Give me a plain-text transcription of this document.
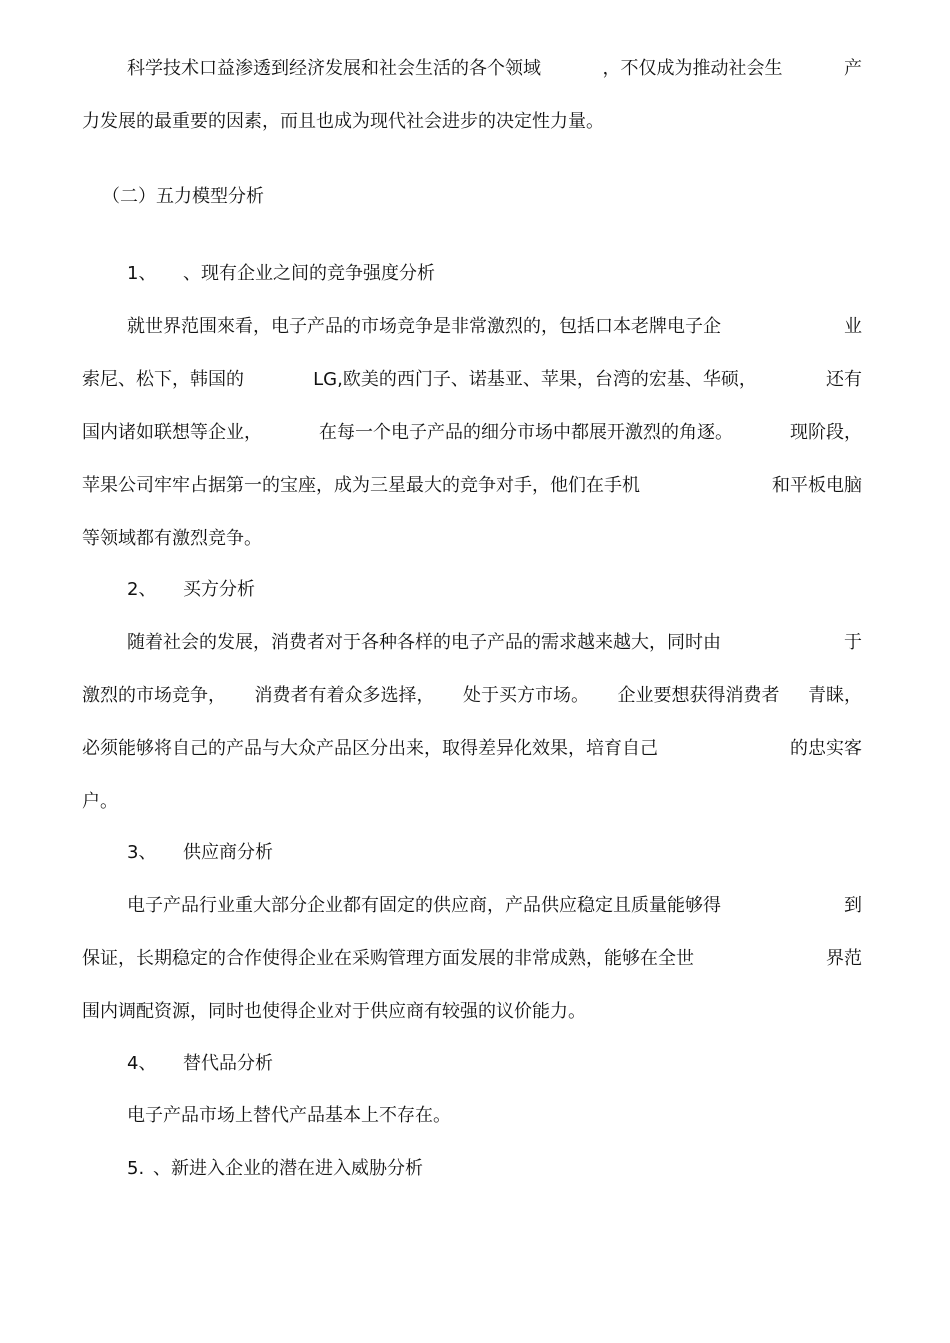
科学技术口益渗透到经济发展和社会生活的各个领域	，不仅成为推动社会生	产
力发展的最重要的因素，而且也成为现代社会进步的决定性力量。
（二）五力模型分析
1、	、现有企业之间的竞争强度分析
就世界范围來看，电子产品的市场竞争是非常激烈的，包括口本老牌电子企	业
索尼、松下，韩国的	LG,欧美的西门子、诺基亚、苹果，台湾的宏基、华硕，	还有
国内诸如联想等企业，	在每一个电子产品的细分市场中都展开激烈的角逐。	现阶段，
苹果公司牢牢占据第一的宝座，成为三星最大的竞争对手，他们在手机	和平板电脑
等领域都有激烈竞争。
2、	买方分析
随着社会的发展，消费者对于各种各样的电子产品的需求越来越大，同时由	于
激烈的市场竞争， 消费者有着众多选择， 处于买方市场。 企业要想获得消费者 青睐，
必须能够将自己的产品与大众产品区分出来，取得差异化效果，培育自己	的忠实客
户。
3、	供应商分析
电子产品行业重大部分企业都有固定的供应商，产品供应稳定且质量能够得	到
保证，长期稳定的合作使得企业在采购管理方面发展的非常成熟，能够在全世	界范
围内调配资源，同时也使得企业对于供应商有较强的议价能力。
4、	替代品分析
电子产品市场上替代产品基本上不存在。
5. 、新进入企业的潜在进入威胁分析
